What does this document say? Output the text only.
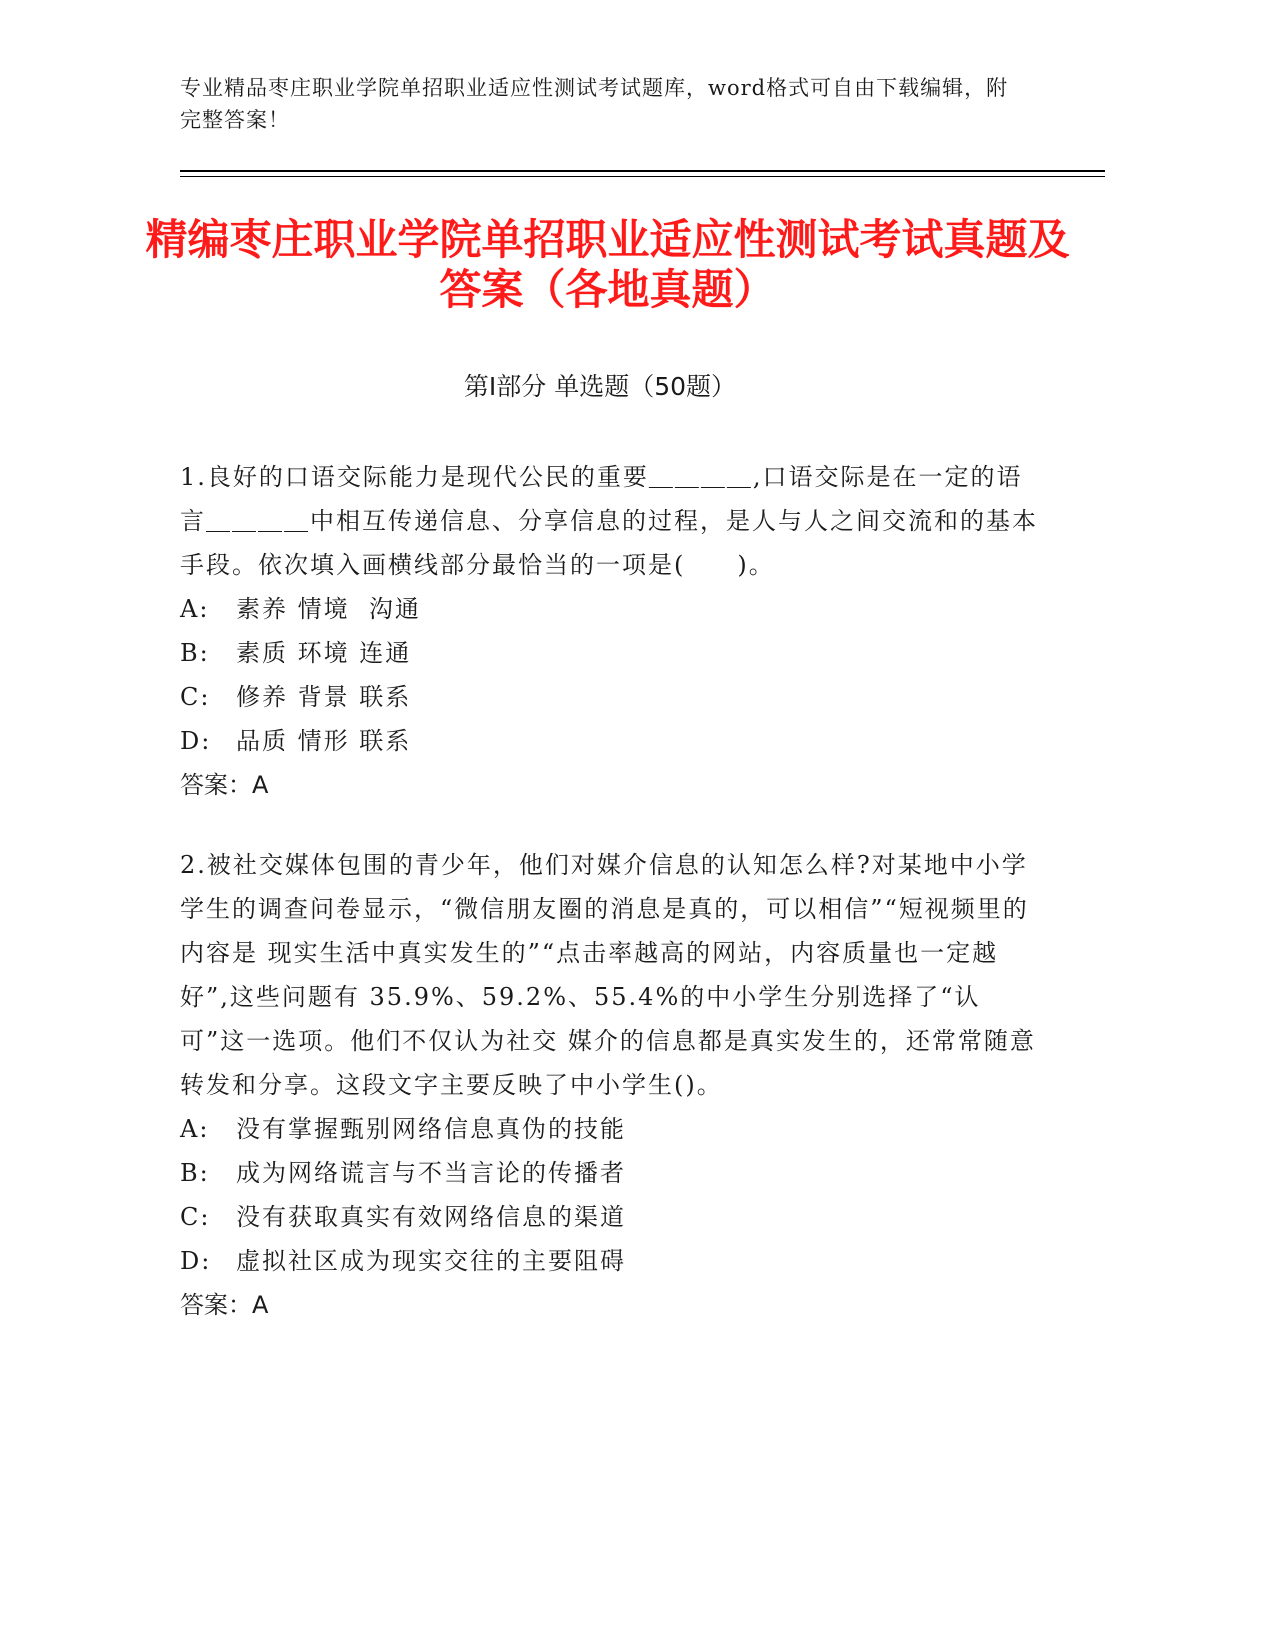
专业精品枣庄职业学院单招职业适应性测试考试题库，word格式可自由下载编辑，附完整答案！
精编枣庄职业学院单招职业适应性测试考试真题及答案（各地真题）
第Ⅰ部分 单选题（50题）
1.良好的口语交际能力是现代公民的重要＿＿＿＿,口语交际是在一定的语言＿＿＿＿中相互传递信息、分享信息的过程，是人与人之间交流和的基本手段。依次填入画横线部分最恰当的一项是(　　)。
A: 素养 情境  沟通
B: 素质 环境 连通
C: 修养 背景 联系
D: 品质 情形 联系
答案：A
2.被社交媒体包围的青少年，他们对媒介信息的认知怎么样?对某地中小学 学生的调查问卷显示，“微信朋友圈的消息是真的，可以相信”“短视频里的内容是 现实生活中真实发生的”“点击率越高的网站，内容质量也一定越好”,这些问题有 35.9%、59.2%、55.4%的中小学生分别选择了“认可”这一选项。他们不仅认为社交 媒介的信息都是真实发生的，还常常随意转发和分享。这段文字主要反映了中小学生()。
A: 没有掌握甄别网络信息真伪的技能
B: 成为网络谎言与不当言论的传播者
C: 没有获取真实有效网络信息的渠道
D: 虚拟社区成为现实交往的主要阻碍
答案：A
